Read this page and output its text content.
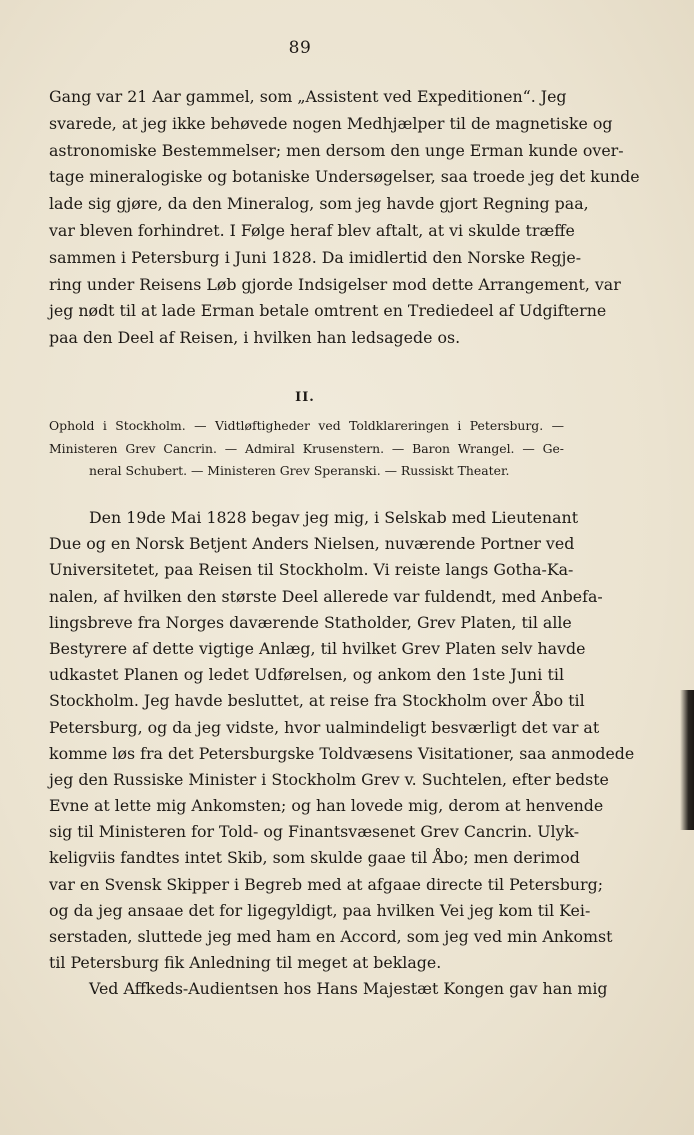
89
Gang var 21 Aar gammel, som „Assistent ved Expeditionen“. Jeg
svarede, at jeg ikke behøvede nogen Medhjælper til de magnetiske og
astronomiske Bestemmelser; men dersom den unge Erman kunde over-
tage mineralogiske og botaniske Undersøgelser, saa troede jeg det kunde
lade sig gjøre, da den Mineralog, som jeg havde gjort Regning paa,
var bleven forhindret. I Følge heraf blev aftalt, at vi skulde træffe
sammen i Petersburg i Juni 1828. Da imidlertid den Norske Regje-
ring under Reisens Løb gjorde Indsigelser mod dette Arrangement, var
jeg nødt til at lade Erman betale omtrent en Trediedeel af Udgifterne
paa den Deel af Reisen, i hvilken han ledsagede os.
II.
Ophold i Stockholm. — Vidtløftigheder ved Toldklareringen i Petersburg. —
Ministeren Grev Cancrin. — Admiral Krusenstern. — Baron Wrangel. — Ge-
neral Schubert. — Ministeren Grev Speranski. — Russiskt Theater.
Den 19de Mai 1828 begav jeg mig, i Selskab med Lieutenant
Due og en Norsk Betjent Anders Nielsen, nuværende Portner ved
Universitetet, paa Reisen til Stockholm. Vi reiste langs Gotha-Ka-
nalen, af hvilken den største Deel allerede var fuldendt, med Anbefa-
lingsbreve fra Norges daværende Statholder, Grev Platen, til alle
Bestyrere af dette vigtige Anlæg, til hvilket Grev Platen selv havde
udkastet Planen og ledet Udførelsen, og ankom den 1ste Juni til
Stockholm. Jeg havde besluttet, at reise fra Stockholm over Åbo til
Petersburg, og da jeg vidste, hvor ualmindeligt besværligt det var at
komme løs fra det Petersburgske Toldvæsens Visitationer, saa anmodede
jeg den Russiske Minister i Stockholm Grev v. Suchtelen, efter bedste
Evne at lette mig Ankomsten; og han lovede mig, derom at henvende
sig til Ministeren for Told- og Finantsvæsenet Grev Cancrin. Ulyk-
keligviis fandtes intet Skib, som skulde gaae til Åbo; men derimod
var en Svensk Skipper i Begreb med at afgaae directe til Petersburg;
og da jeg ansaae det for ligegyldigt, paa hvilken Vei jeg kom til Kei-
serstaden, sluttede jeg med ham en Accord, som jeg ved min Ankomst
til Petersburg fik Anledning til meget at beklage.
Ved Affkeds-Audientsen hos Hans Majestæt Kongen gav han mig
